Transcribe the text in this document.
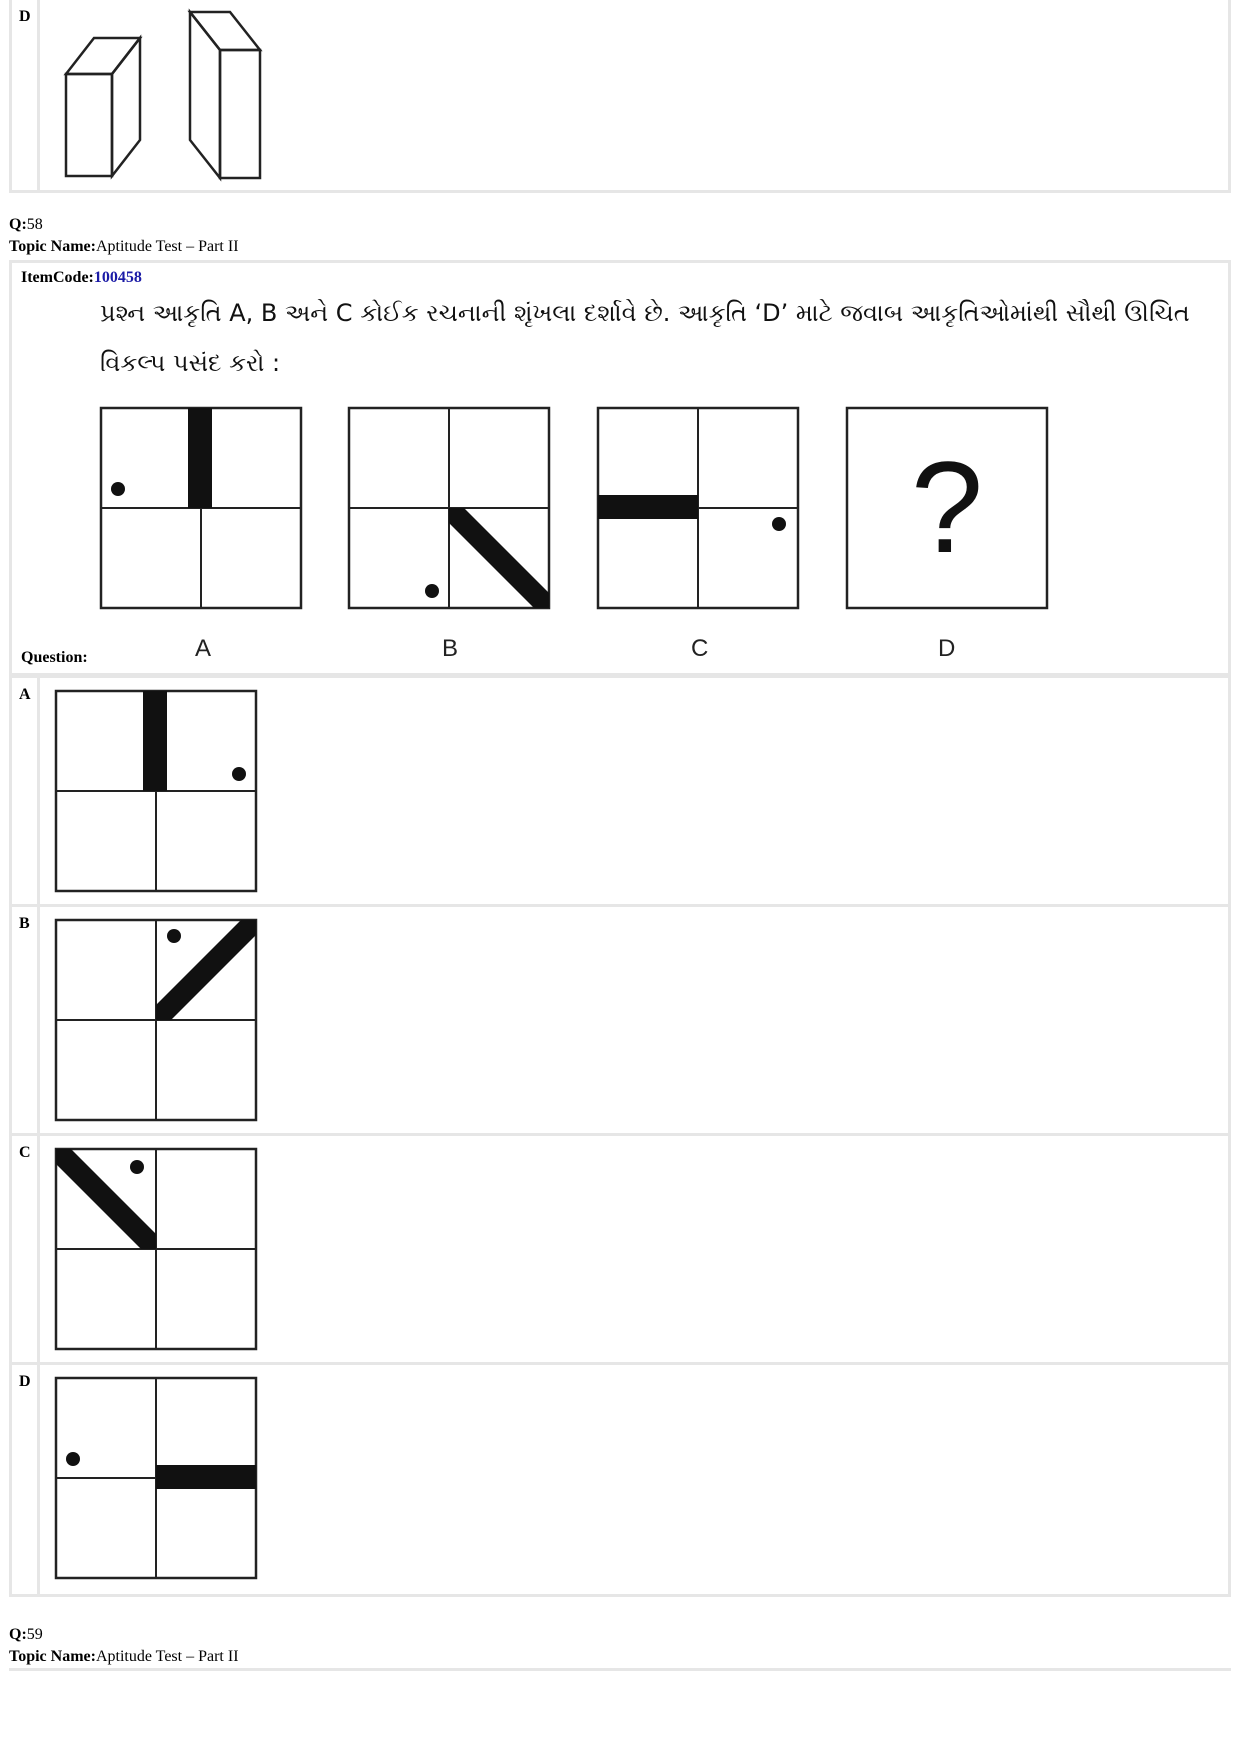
D
Q:58
Topic Name:Aptitude Test – Part II
ItemCode:100458
પ્રશ્ન આકૃતિ A, B અને C કોઈક રચનાની શૃંખલા દર્શાવે છે. આકૃતિ ‘D’ માટે જવાબ આકૃતિઓમાંથી સૌથી ઊચિત
વિકલ્પ પસંદ કરો :
?
A	B	C	D
Question:
A
B
C
D
Q:59
Topic Name:Aptitude Test – Part II
